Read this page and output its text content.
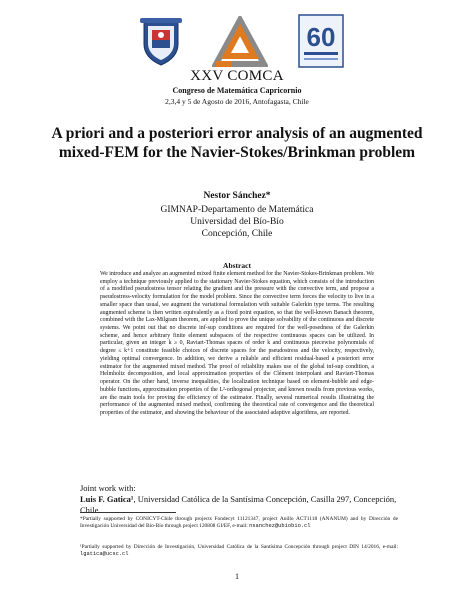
60
XXV COMCA
Congreso de Matemática Capricornio
2,3,4 y 5 de Agosto de 2016, Antofagasta, Chile
A priori and a posteriori error analysis of an augmented mixed-FEM for the Navier-Stokes/Brinkman problem
Nestor Sánchez*
GIMNAP-Departamento de Matemática
Universidad del Bío-Bío
Concepción, Chile
Abstract

We introduce and analyze an augmented mixed finite element method for the Navier-Stokes-Brinkman problem. We employ a technique previously applied to the stationary Navier-Stokes equation, which consists of the introduction of a modified pseudostress tensor relating the gradient and the pressure with the convective term, and propose a pseudostress-velocity formulation for the model problem. Since the convective term forces the velocity to live in a smaller space than usual, we augment the variational formulation with suitable Galerkin type terms. The resulting augmented scheme is then written equivalently as a fixed point equation, so that the well-known Banach theorem, combined with the Lax-Milgram theorem, are applied to prove the unique solvability of the continuous and discrete systems. We point out that no discrete inf-sup conditions are required for the well-posedness of the Galerkin scheme, and hence arbitrary finite element subspaces of the respective continuous spaces can be utilized. In particular, given an integer k ≥ 0, Raviart-Thomas spaces of order k and continuous piecewise polynomials of degree ≤ k+1 constitute feasible choices of discrete spaces for the pseudostress and the velocity, respectively, yielding optimal convergence. In addition, we derive a reliable and efficient residual-based a posteriori error estimator for the augmented mixed method. The proof of reliability makes use of the global inf-sup condition, a Helmholtz decomposition, and local approximation properties of the Clément interpolant and Raviart-Thomas operator. On the other hand, inverse inequalities, the localization technique based on element-bubble and edge-bubble functions, approximation properties of the L²-orthogonal projector, and known results from previous works, are the main tools for proving the efficiency of the estimator. Finally, several numerical results illustrating the performance of the augmented mixed method, confirming the theoretical rate of convergence and the theoretical properties of the estimator, and showing the behaviour of the associated adaptive algorithms, are reported.

Joint work with:
Luis F. Gatica¹, Universidad Católica de la Santísima Concepción, Casilla 297, Concepción, Chile.
*Partially supported by CONICYT-Chile through projects Fondecyt 11121347, project Anillo ACT1118 (ANANUM) and by Dirección de Investigación Universidad del Bío-Bío through project 120808 GI/EF, e-mail: nsanchez@ubiobio.cl
¹Partially supported by Dirección de Investigación, Universidad Católica de la Santísima Concepción through project DIN 14/2016, e-mail: lgatica@ucsc.cl
1
